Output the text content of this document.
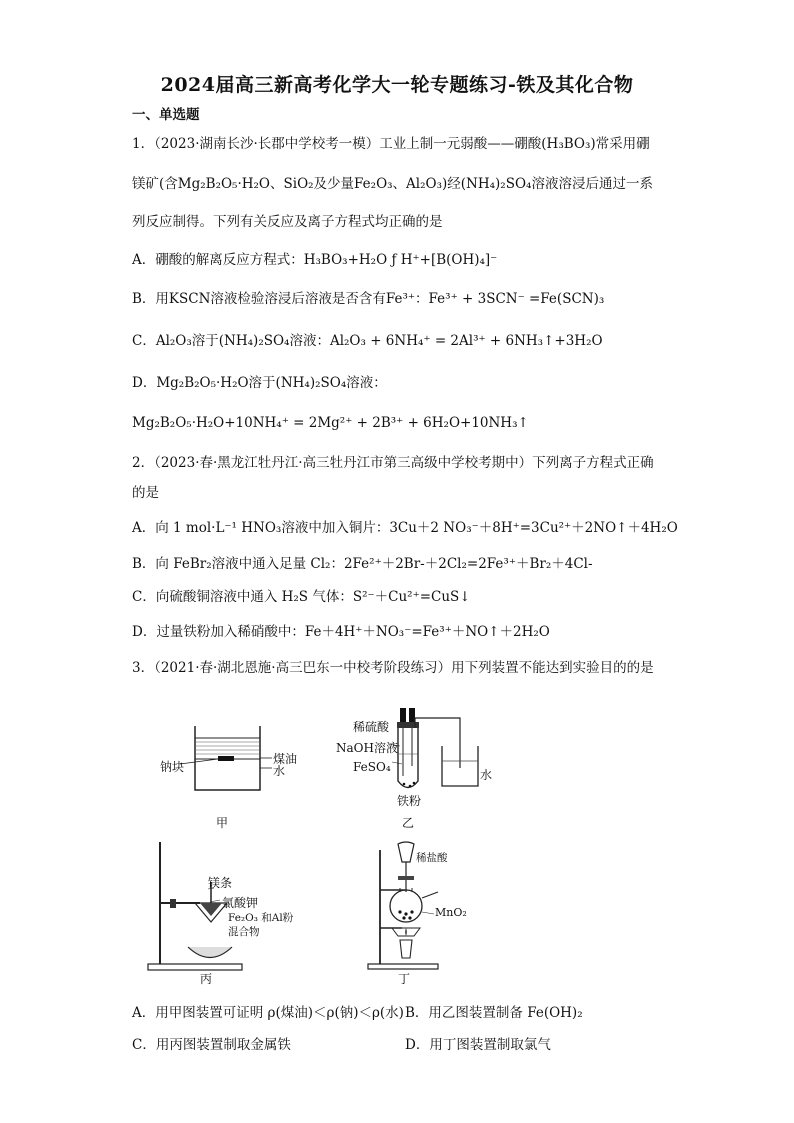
2024届高三新高考化学大一轮专题练习-铁及其化合物
一、单选题
1．（2023·湖南长沙·长郡中学校考一模）工业上制一元弱酸——硼酸(H₃BO₃)常采用硼
镁矿(含Mg₂B₂O₅·H₂O、SiO₂及少量Fe₂O₃、Al₂O₃)经(NH₄)₂SO₄溶液溶浸后通过一系
列反应制得。下列有关反应及离子方程式均正确的是
A．硼酸的解离反应方程式：H₃BO₃+H₂O ƒ H⁺+[B(OH)₄]⁻
B．用KSCN溶液检验溶浸后溶液是否含有Fe³⁺：Fe³⁺ + 3SCN⁻ =Fe(SCN)₃
C．Al₂O₃溶于(NH₄)₂SO₄溶液：Al₂O₃ + 6NH₄⁺ = 2Al³⁺ + 6NH₃↑+3H₂O
D．Mg₂B₂O₅·H₂O溶于(NH₄)₂SO₄溶液：
Mg₂B₂O₅·H₂O+10NH₄⁺ = 2Mg²⁺ + 2B³⁺ + 6H₂O+10NH₃↑
2．（2023·春·黑龙江牡丹江·高三牡丹江市第三高级中学校考期中）下列离子方程式正确
的是
A．向 1 mol·L⁻¹ HNO₃溶液中加入铜片：3Cu＋2 NO₃⁻＋8H⁺=3Cu²⁺＋2NO↑＋4H₂O
B．向 FeBr₂溶液中通入足量 Cl₂：2Fe²⁺＋2Br-＋2Cl₂=2Fe³⁺＋Br₂＋4Cl-
C．向硫酸铜溶液中通入 H₂S 气体：S²⁻＋Cu²⁺=CuS↓
D．过量铁粉加入稀硝酸中：Fe＋4H⁺＋NO₃⁻=Fe³⁺＋NO↑＋2H₂O
3．（2021·春·湖北恩施·高三巴东一中校考阶段练习）用下列装置不能达到实验目的的是
钠块
煤油
水
甲
稀硫酸
NaOH溶液
FeSO₄
铁粉
水
乙
镁条
氯酸钾
Fe₂O₃ 和Al粉
混合物
丙
稀盐酸
MnO₂
丁
A．用甲图装置可证明 ρ(煤油)＜ρ(钠)＜ρ(水) B．用乙图装置制备 Fe(OH)₂
C．用丙图装置制取金属铁	D．用丁图装置制取氯气
